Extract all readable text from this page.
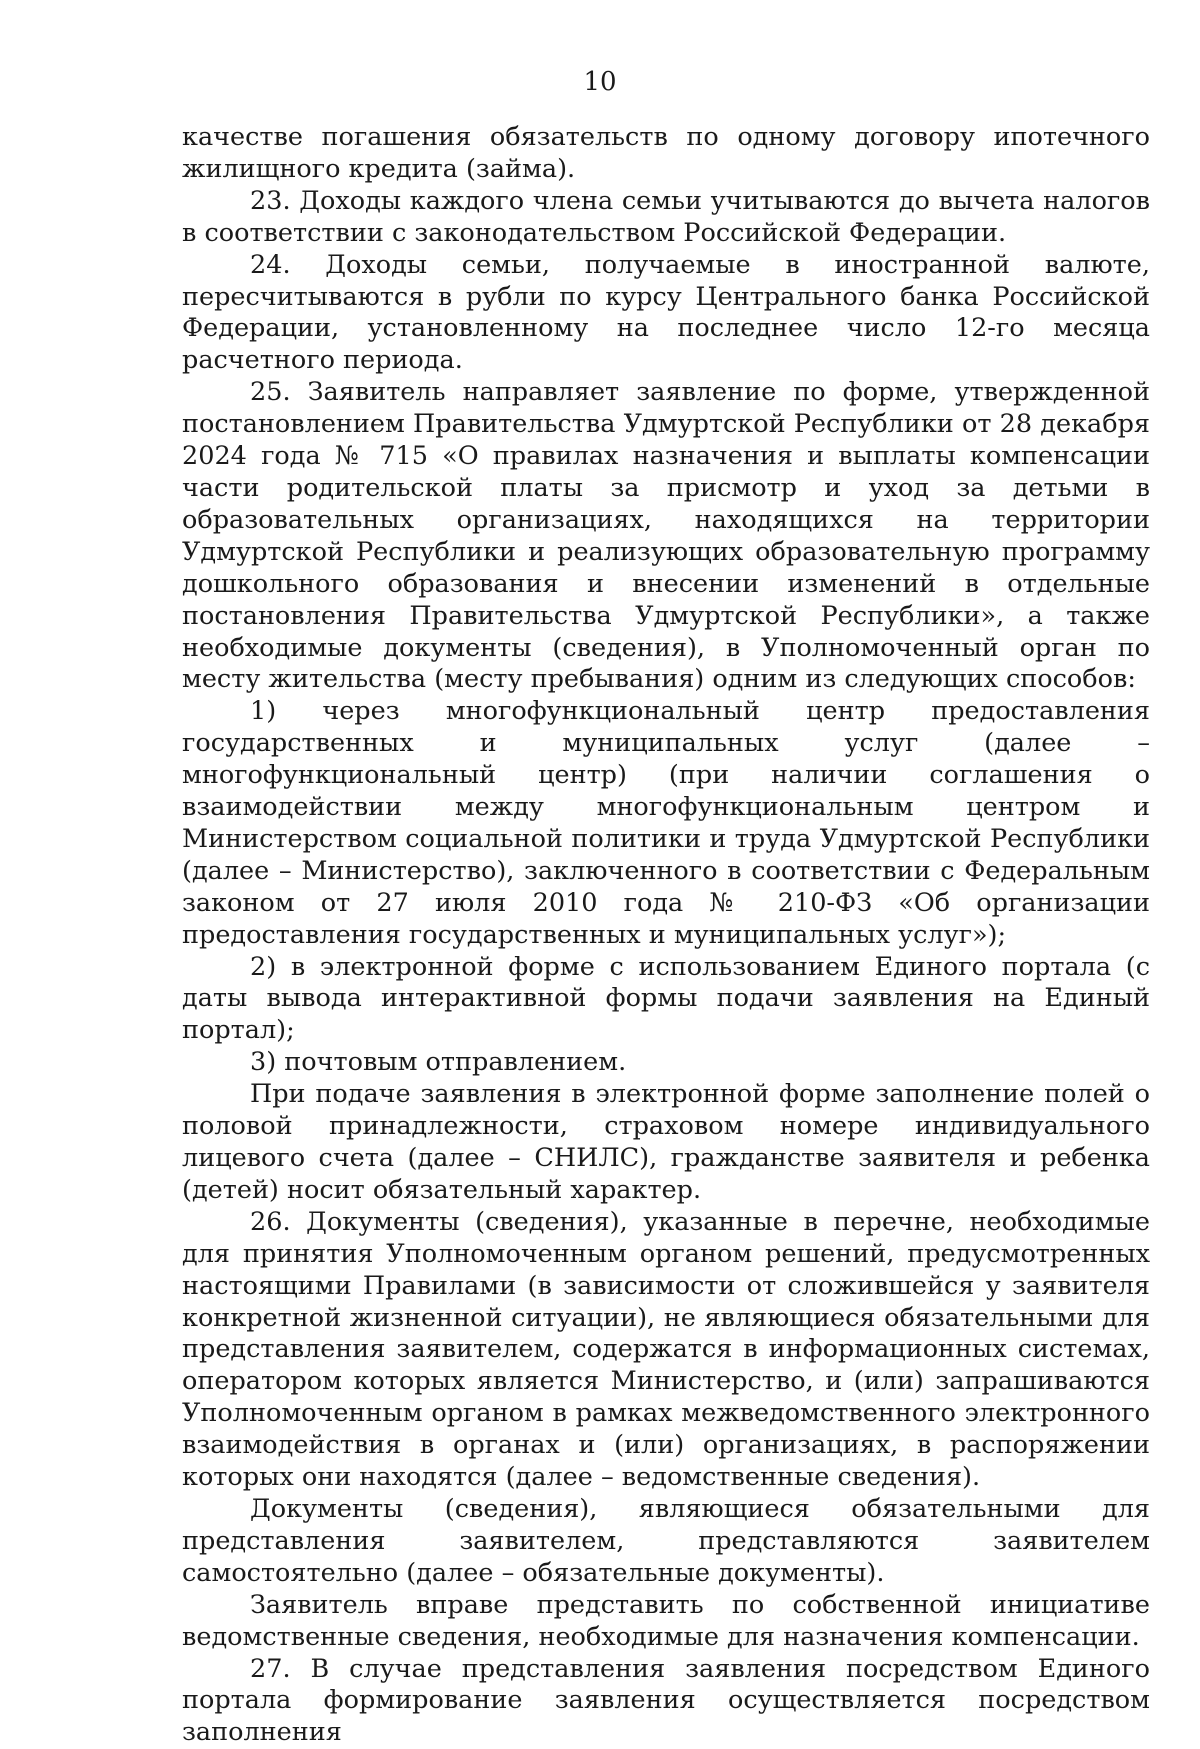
10

качестве погашения обязательств по одному договору ипотечного жилищного кредита (займа).

23. Доходы каждого члена семьи учитываются до вычета налогов в соответствии с законодательством Российской Федерации.

24. Доходы семьи, получаемые в иностранной валюте, пересчитываются в рубли по курсу Центрального банка Российской Федерации, установленному на последнее число 12-го месяца расчетного периода.

25. Заявитель направляет заявление по форме, утвержденной постановлением Правительства Удмуртской Республики от 28 декабря 2024 года № 715 «О правилах назначения и выплаты компенсации части родительской платы за присмотр и уход за детьми в образовательных организациях, находящихся на территории Удмуртской Республики и реализующих образовательную программу дошкольного образования и внесении изменений в отдельные постановления Правительства Удмуртской Республики», а также необходимые документы (сведения), в Уполномоченный орган по месту жительства (месту пребывания) одним из следующих способов:

1) через многофункциональный центр предоставления государственных и муниципальных услуг (далее – многофункциональный центр) (при наличии соглашения о взаимодействии между многофункциональным центром и Министерством социальной политики и труда Удмуртской Республики (далее – Министерство), заключенного в соответствии с Федеральным законом от 27 июля 2010 года № 210-ФЗ «Об организации предоставления государственных и муниципальных услуг»);

2) в электронной форме с использованием Единого портала (с даты вывода интерактивной формы подачи заявления на Единый портал);

3) почтовым отправлением.

При подаче заявления в электронной форме заполнение полей о половой принадлежности, страховом номере индивидуального лицевого счета (далее – СНИЛС), гражданстве заявителя и ребенка (детей) носит обязательный характер.

26. Документы (сведения), указанные в перечне, необходимые для принятия Уполномоченным органом решений, предусмотренных настоящими Правилами (в зависимости от сложившейся у заявителя конкретной жизненной ситуации), не являющиеся обязательными для представления заявителем, содержатся в информационных системах, оператором которых является Министерство, и (или) запрашиваются Уполномоченным органом в рамках межведомственного электронного взаимодействия в органах и (или) организациях, в распоряжении которых они находятся (далее – ведомственные сведения).

Документы (сведения), являющиеся обязательными для представления заявителем, представляются заявителем самостоятельно (далее – обязательные документы).

Заявитель вправе представить по собственной инициативе ведомственные сведения, необходимые для назначения компенсации.

27. В случае представления заявления посредством Единого портала формирование заявления осуществляется посредством заполнения
